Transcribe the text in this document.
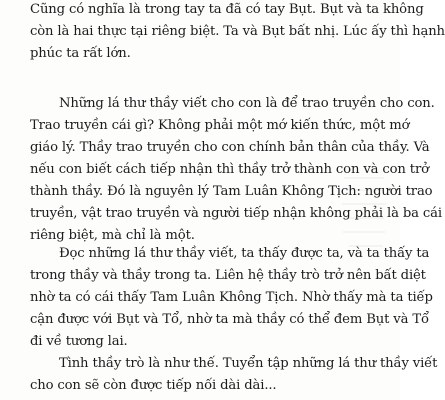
Cũng có nghĩa là trong tay ta đã có tay Bụt. Bụt và ta không
còn là hai thực tại riêng biệt. Ta và Bụt bất nhị. Lúc ấy thì hạnh
phúc ta rất lớn.
Những lá thư thầy viết cho con là để trao truyền cho con.
Trao truyền cái gì? Không phải một mớ kiến thức, một mớ
giáo lý. Thầy trao truyền cho con chính bản thân của thầy. Và
nếu con biết cách tiếp nhận thì thầy trở thành con và con trở
thành thầy. Đó là nguyên lý Tam Luân Không Tịch: người trao
truyền, vật trao truyền và người tiếp nhận không phải là ba cái
riêng biệt, mà chỉ là một.
Đọc những lá thư thầy viết, ta thấy được ta, và ta thấy ta
trong thầy và thầy trong ta. Liên hệ thầy trò trở nên bất diệt
nhờ ta có cái thấy Tam Luân Không Tịch. Nhờ thấy mà ta tiếp
cận được với Bụt và Tổ, nhờ ta mà thầy có thể đem Bụt và Tổ
đi về tương lai.
Tình thầy trò là như thế. Tuyển tập những lá thư thầy viết
cho con sẽ còn được tiếp nối dài dài...
